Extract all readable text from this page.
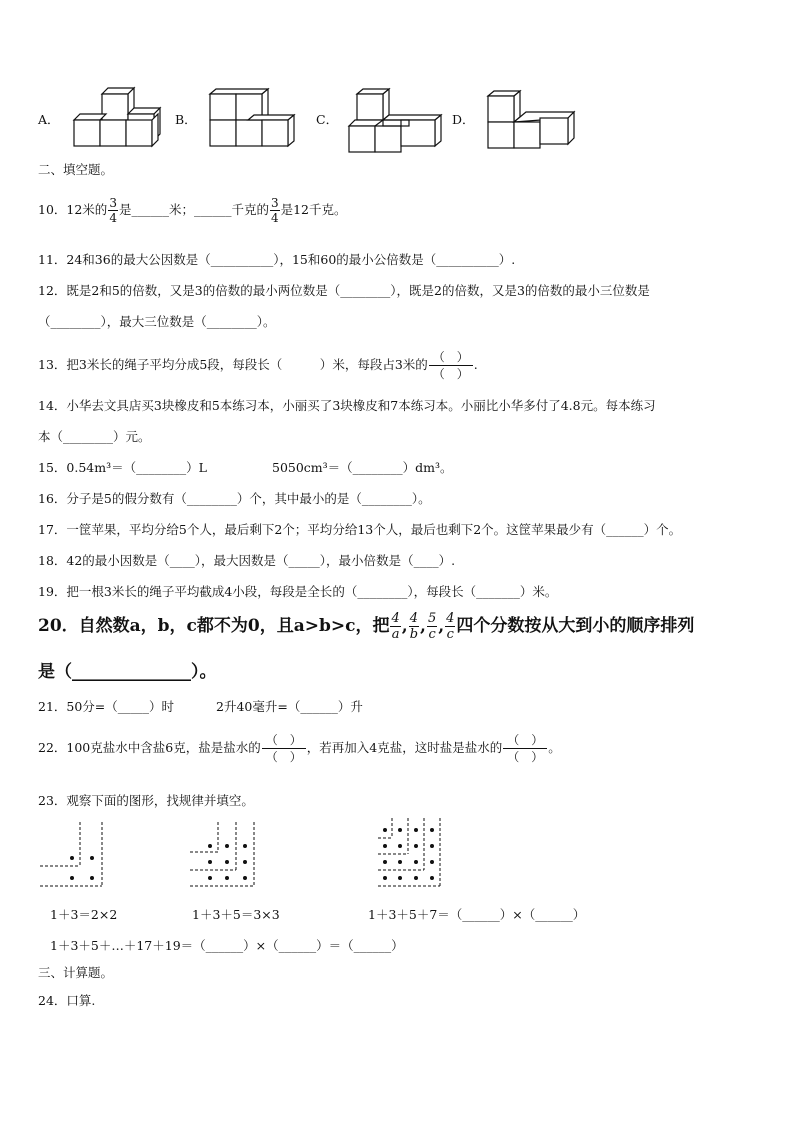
A．	B．	C．	D．
二、填空题。
10．12米的 $\frac{3}{4}$ 是______米；______千克的 $\frac{3}{4}$ 是12千克。
11．24和36的最大公因数是（__________），15和60的最小公倍数是（__________）.
12．既是2和5的倍数，又是3的倍数的最小两位数是（________），既是2的倍数，又是3的倍数的最小三位数是
（________），最大三位数是（________）。
13．把3米长的绳子平均分成5段，每段长（　　　）米，每段占3米的 $\frac{( )}{( )}$ .
14．小华去文具店买3块橡皮和5本练习本，小丽买了3块橡皮和7本练习本。小丽比小华多付了4.8元。每本练习
本（________）元。
15．0.54m³＝（________）L	5050cm³＝（________）dm³。
16．分子是5的假分数有（________）个，其中最小的是（________）。
17．一筐苹果，平均分给5个人，最后剩下2个；平均分给13个人，最后也剩下2个。这筐苹果最少有（______）个。
18．42的最小因数是（____），最大因数是（_____），最小倍数是（____）.
19．把一根3米长的绳子平均截成4小段，每段是全长的（________），每段长（_______）米。
20．自然数a，b，c都不为0，且a>b>c，把 $\frac{4}{a}$ , $\frac{4}{b}$ , $\frac{5}{c}$ , $\frac{4}{c}$ 四个分数按从大到小的顺序排列
是（______________）。
21．50分=（_____）时	2升40毫升=（______）升
22．100克盐水中含盐6克，盐是盐水的 $\frac{( )}{( )}$ ，若再加入4克盐，这时盐是盐水的 $\frac{( )}{( )}$ 。
23．观察下面的图形，找规律并填空。
1＋3＝2×2	1＋3＋5＝3×3	1＋3＋5＋7＝（______）×（______）
1＋3＋5＋…＋17＋19＝（______）×（______）＝（______）
三、计算题。
24．口算.
